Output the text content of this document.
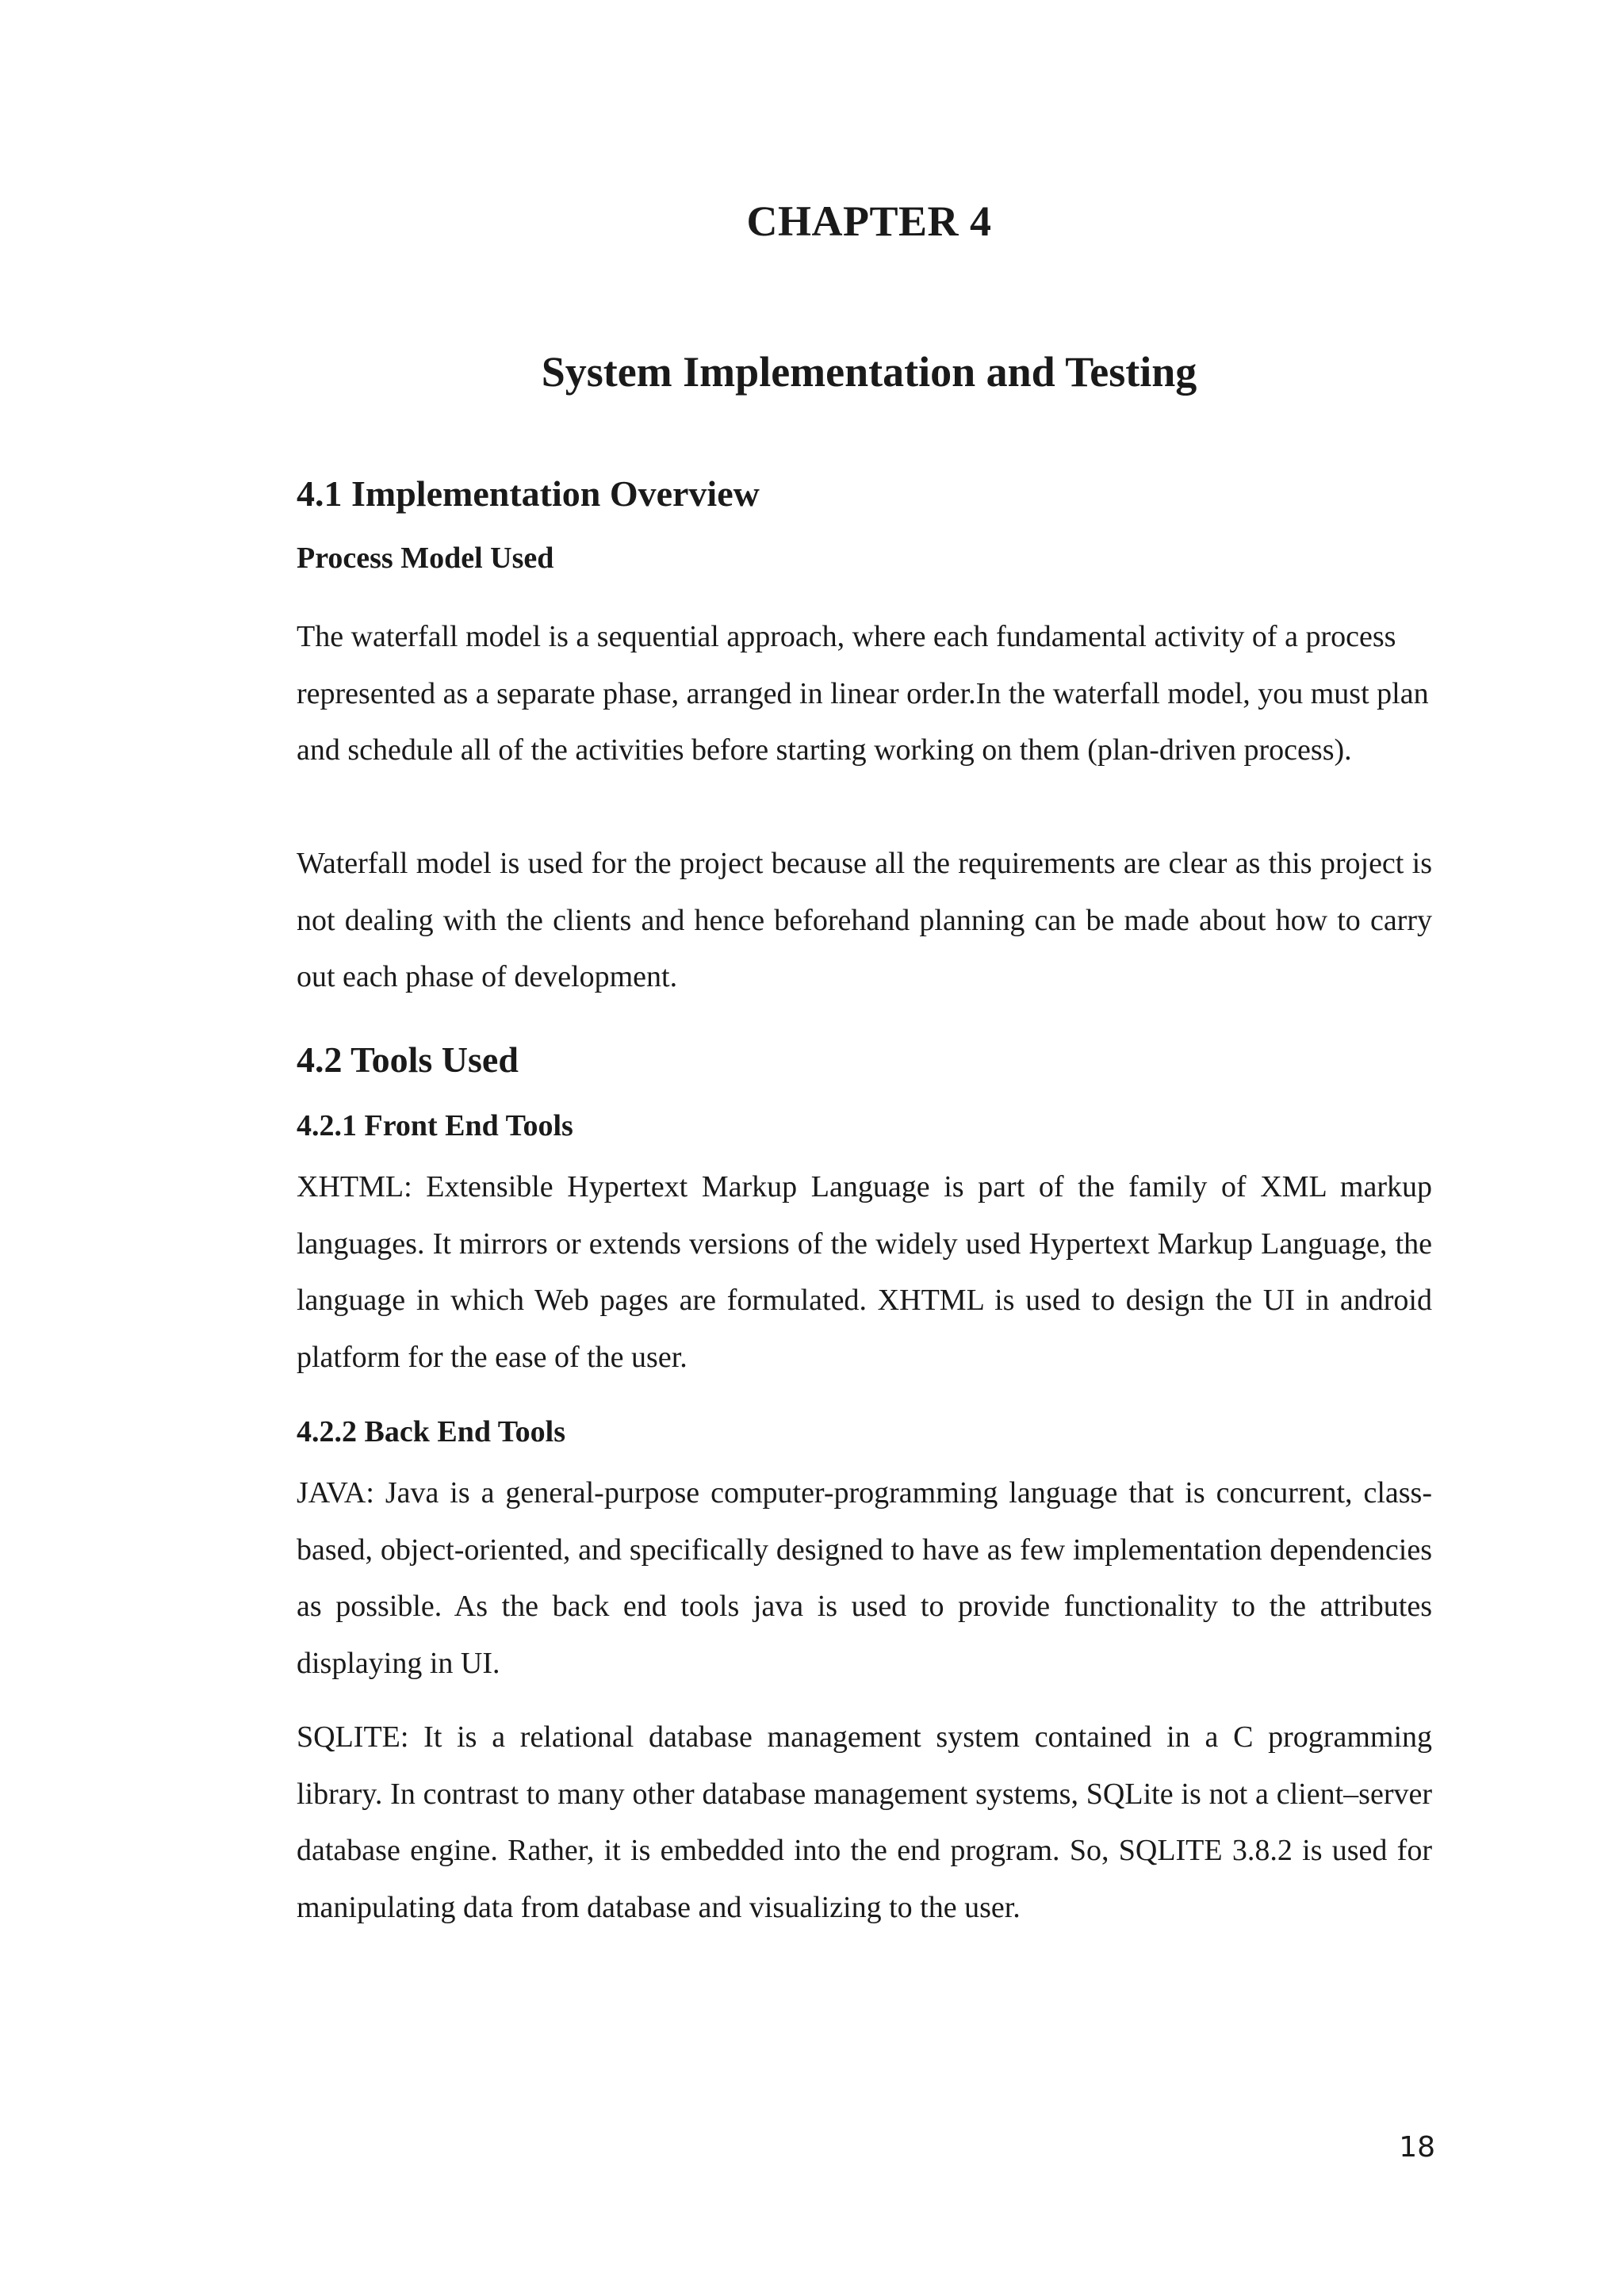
CHAPTER 4
System Implementation and Testing
4.1 Implementation Overview
Process Model Used
The waterfall model is a sequential approach, where each fundamental activity of a process represented as a separate phase, arranged in linear order.In the waterfall model, you must plan and schedule all of the activities before starting working on them (plan-driven process).
Waterfall model is used for the project because all the requirements are clear as this project is not dealing with the clients and hence beforehand planning can be made about how to carry out each phase of development.
4.2 Tools Used
4.2.1 Front End Tools
XHTML: Extensible Hypertext Markup Language is part of the family of XML markup languages. It mirrors or extends versions of the widely used Hypertext Markup Language, the language in which Web pages are formulated. XHTML is used to design the UI in android platform for the ease of the user.
4.2.2 Back End Tools
JAVA: Java is a general-purpose computer-programming language that is concurrent, class-based, object-oriented, and specifically designed to have as few implementation dependencies as possible. As the back end tools java is used to provide functionality to the attributes displaying in UI.
SQLITE: It is a relational database management system contained in a C programming library. In contrast to many other database management systems, SQLite is not a client–server database engine. Rather, it is embedded into the end program. So, SQLITE 3.8.2 is used for manipulating data from database and visualizing to the user.
18
